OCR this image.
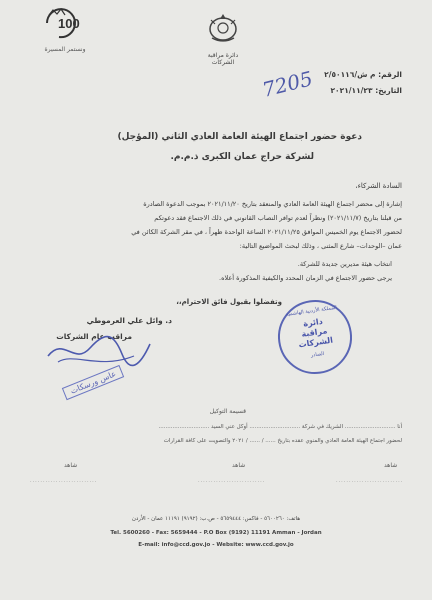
دائرة مراقبة الشركات
100
ونستمر المسيرة
الرقم: م ش/٢/٥٠١١٦
التاريخ: ٢٠٢١/١١/٢٣
7205
دعوة حضور اجتماع الهيئة العامة العادي الثاني (المؤجل)
لشركة حراج عمان الكبرى ذ.م.م.
السادة الشركاء،
إشارة إلى محضر اجتماع الهيئة العامة العادي والمنعقد بتاريخ ٢٠٢١/١١/٢٠ بموجب الدعوة الصادرة
من قبلنا بتاريخ (٢٠٢١/١١/٧) ونظراً لعدم توافر النصاب القانوني في ذلك الاجتماع فقد دعوتكم
لحضور الاجتماع يوم الخميس الموافق ٢٠٢١/١١/٢٥ الساعة الواحدة ظهراً ، في مقر الشركة الكائن في
عمان –الوحدات– شارع المثنى ، وذلك لبحث المواضيع التالية:
انتخاب هيئة مديرين جديدة للشركة.
يرجى حضور الاجتماع في الزمان المحدد والكيفية المذكورة أعلاه.
وتفضلوا بقبول فائق الاحترام،،
د. وائل علي العرموطي
مراقب عام الشركات
عاس ورسكات
المملكة الأردنية الهاشمية
دائرة
مراقبة
الشركات
الصادر
قسيمة التوكيل
أنا ............................. الشريك في شركة ............................. أوكل عني السيد .............................
لحضور اجتماع الهيئة العامة العادي والمنوي عقده بتاريخ ...... / ...... / ٢٠٢١ والتصويت على كافة القرارات
شاهد	شاهد	شاهد
..........................	..........................	..........................
هاتف: ٥٦٠٠٢٦٠ - فاكس: ٥٦٥٩٤٤٤ - ص.ب: (٩١٩٢) ١١١٩١ عمان - الأردن
Tel. 5600260 - Fax: 5659444 - P.O Box (9192) 11191 Amman - Jordan
E-mail: info@ccd.gov.jo - Website: www.ccd.gov.jo
